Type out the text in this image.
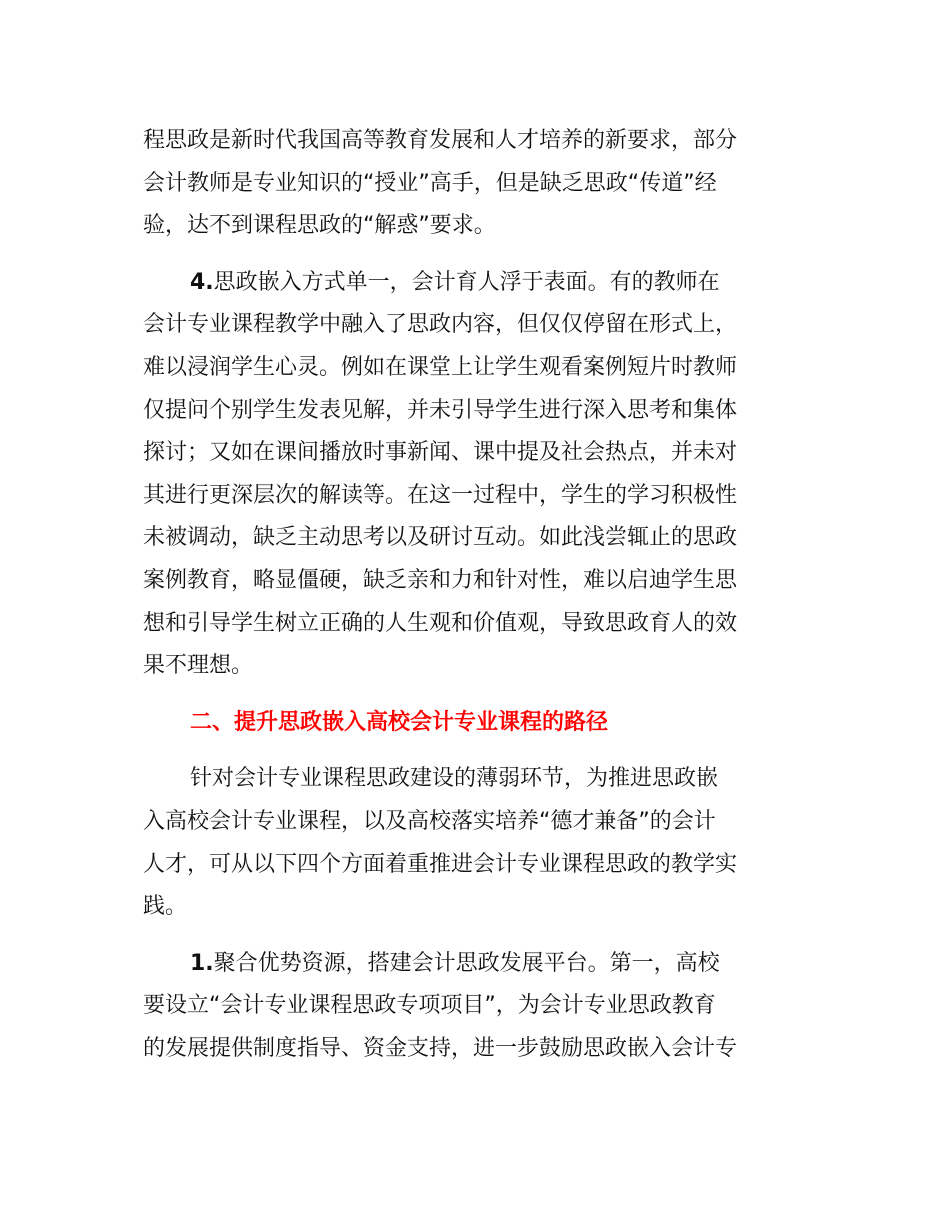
程思政是新时代我国高等教育发展和人才培养的新要求，部分
会计教师是专业知识的“授业”高手，但是缺乏思政“传道”经
验，达不到课程思政的“解惑”要求。

4.思政嵌入方式单一，会计育人浮于表面。有的教师在
会计专业课程教学中融入了思政内容，但仅仅停留在形式上，
难以浸润学生心灵。例如在课堂上让学生观看案例短片时教师
仅提问个别学生发表见解，并未引导学生进行深入思考和集体
探讨；又如在课间播放时事新闻、课中提及社会热点，并未对
其进行更深层次的解读等。在这一过程中，学生的学习积极性
未被调动，缺乏主动思考以及研讨互动。如此浅尝辄止的思政
案例教育，略显僵硬，缺乏亲和力和针对性，难以启迪学生思
想和引导学生树立正确的人生观和价值观，导致思政育人的效
果不理想。

二、提升思政嵌入高校会计专业课程的路径

针对会计专业课程思政建设的薄弱环节，为推进思政嵌
入高校会计专业课程，以及高校落实培养“德才兼备”的会计
人才，可从以下四个方面着重推进会计专业课程思政的教学实
践。

1.聚合优势资源，搭建会计思政发展平台。第一，高校
要设立“会计专业课程思政专项项目”，为会计专业思政教育
的发展提供制度指导、资金支持，进一步鼓励思政嵌入会计专
